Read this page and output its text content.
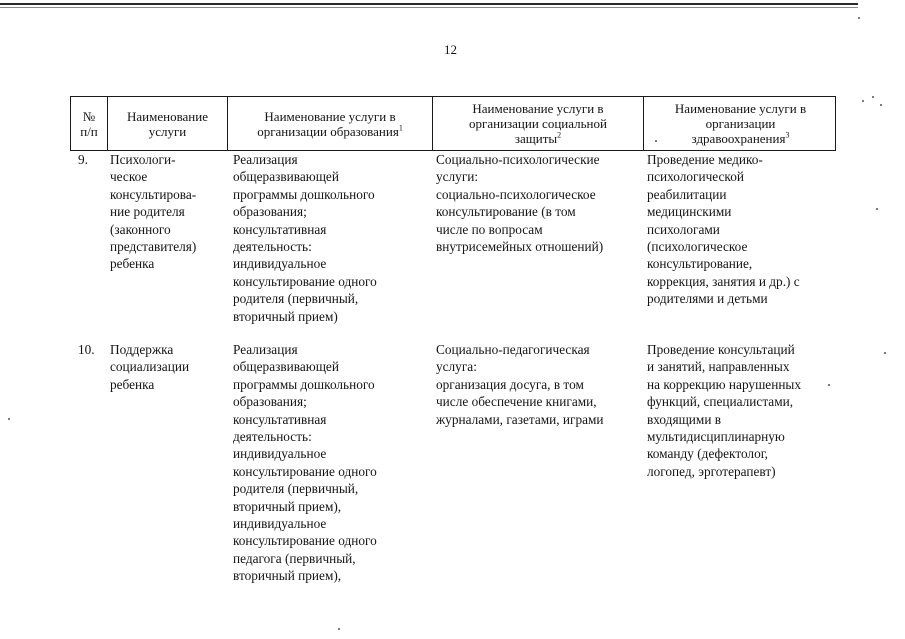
12
№
п/п
Наименование
услуги
Наименование услуги в
организации образования$^1$
Наименование услуги в
организации социальной
защиты$^2$
Наименование услуги в
организации
здравоохранения$^3$
9.	Психологи-
ческое
консультирова-
ние родителя
(законного
представителя)
ребенка
Реализация
общеразвивающей
программы дошкольного
образования;
консультативная
деятельность:
индивидуальное
консультирование одного
родителя (первичный,
вторичный прием)
Социально-психологические
услуги:
социально-психологическое
консультирование (в том
числе по вопросам
внутрисемейных отношений)
Проведение медико-
психологической
реабилитации
медицинскими
психологами
(психологическое
консультирование,
коррекция, занятия и др.) с
родителями и детьми
10.	Поддержка
социализации
ребенка
Реализация
общеразвивающей
программы дошкольного
образования;
консультативная
деятельность:
индивидуальное
консультирование одного
родителя (первичный,
вторичный прием),
индивидуальное
консультирование одного
педагога (первичный,
вторичный прием),
Социально-педагогическая
услуга:
организация досуга, в том
числе обеспечение книгами,
журналами, газетами, играми
Проведение консультаций
и занятий, направленных
на коррекцию нарушенных
функций, специалистами,
входящими в
мультидисциплинарную
команду (дефектолог,
логопед, эрготерапевт)
